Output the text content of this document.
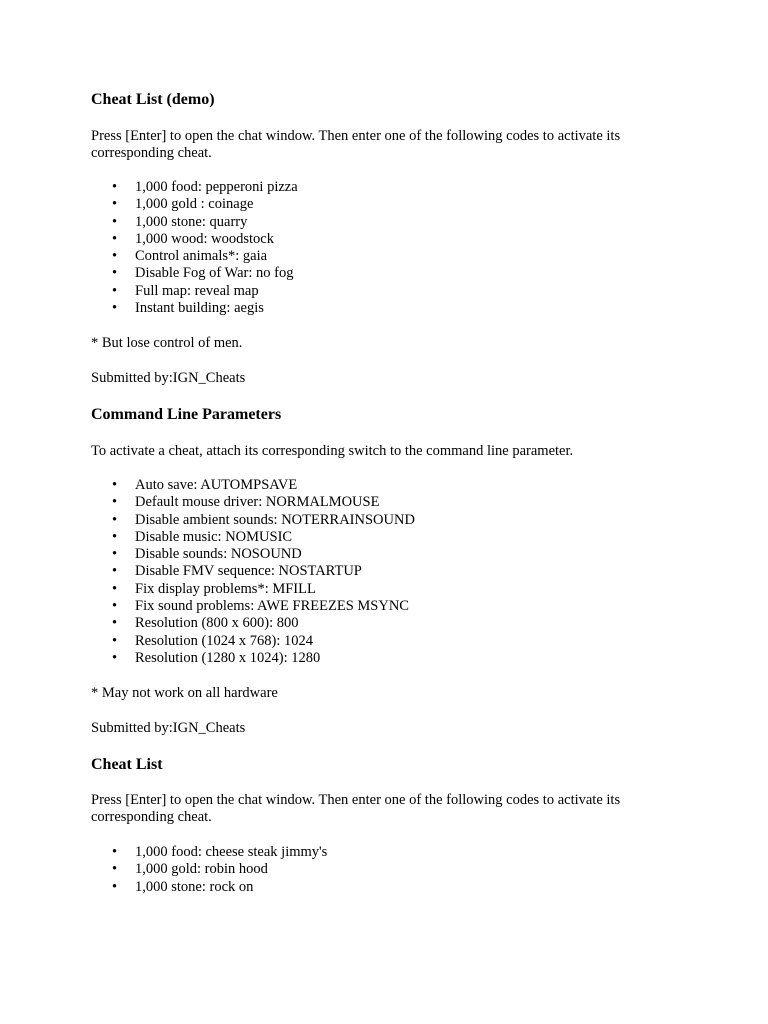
Cheat List (demo)

Press [Enter] to open the chat window. Then enter one of the following codes to activate its

corresponding cheat.

• 1,000 food: pepperoni pizza
• 1,000 gold : coinage
• 1,000 stone: quarry
• 1,000 wood: woodstock
• Control animals*: gaia
• Disable Fog of War: no fog
• Full map: reveal map
• Instant building: aegis

* But lose control of men.

Submitted by:IGN_Cheats

Command Line Parameters

To activate a cheat, attach its corresponding switch to the command line parameter.

• Auto save: AUTOMPSAVE
• Default mouse driver: NORMALMOUSE
• Disable ambient sounds: NOTERRAINSOUND
• Disable music: NOMUSIC
• Disable sounds: NOSOUND
• Disable FMV sequence: NOSTARTUP
• Fix display problems*: MFILL
• Fix sound problems: AWE FREEZES MSYNC
• Resolution (800 x 600): 800
• Resolution (1024 x 768): 1024
• Resolution (1280 x 1024): 1280

* May not work on all hardware

Submitted by:IGN_Cheats

Cheat List

Press [Enter] to open the chat window. Then enter one of the following codes to activate its

corresponding cheat.

• 1,000 food: cheese steak jimmy's
• 1,000 gold: robin hood
• 1,000 stone: rock on
